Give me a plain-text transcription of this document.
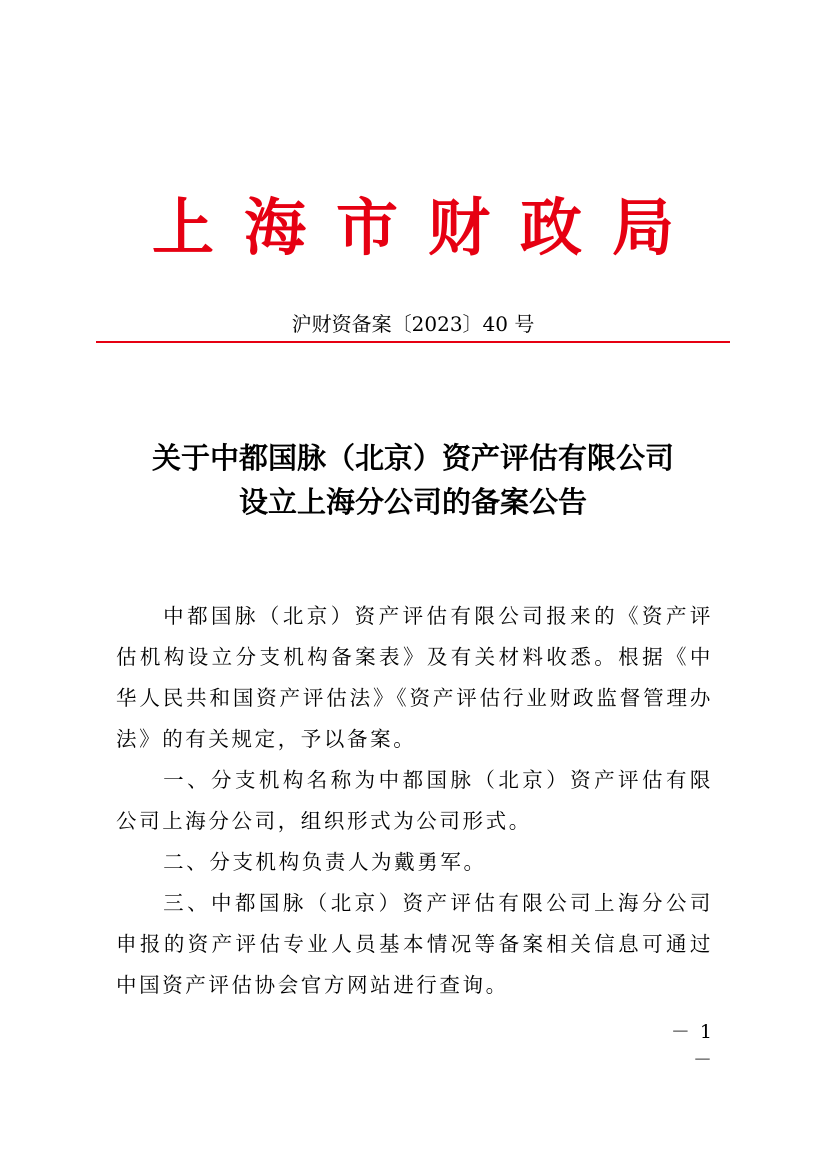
上海市财政局
沪财资备案〔2023〕40 号
关于中都国脉（北京）资产评估有限公司
设立上海分公司的备案公告

中都国脉（北京）资产评估有限公司报来的《资产评估机构设立分支机构备案表》及有关材料收悉。根据《中华人民共和国资产评估法》《资产评估行业财政监督管理办法》的有关规定，予以备案。

一、分支机构名称为中都国脉（北京）资产评估有限公司上海分公司，组织形式为公司形式。

二、分支机构负责人为戴勇军。

三、中都国脉（北京）资产评估有限公司上海分公司申报的资产评估专业人员基本情况等备案相关信息可通过中国资产评估协会官方网站进行查询。

－ 1 －
